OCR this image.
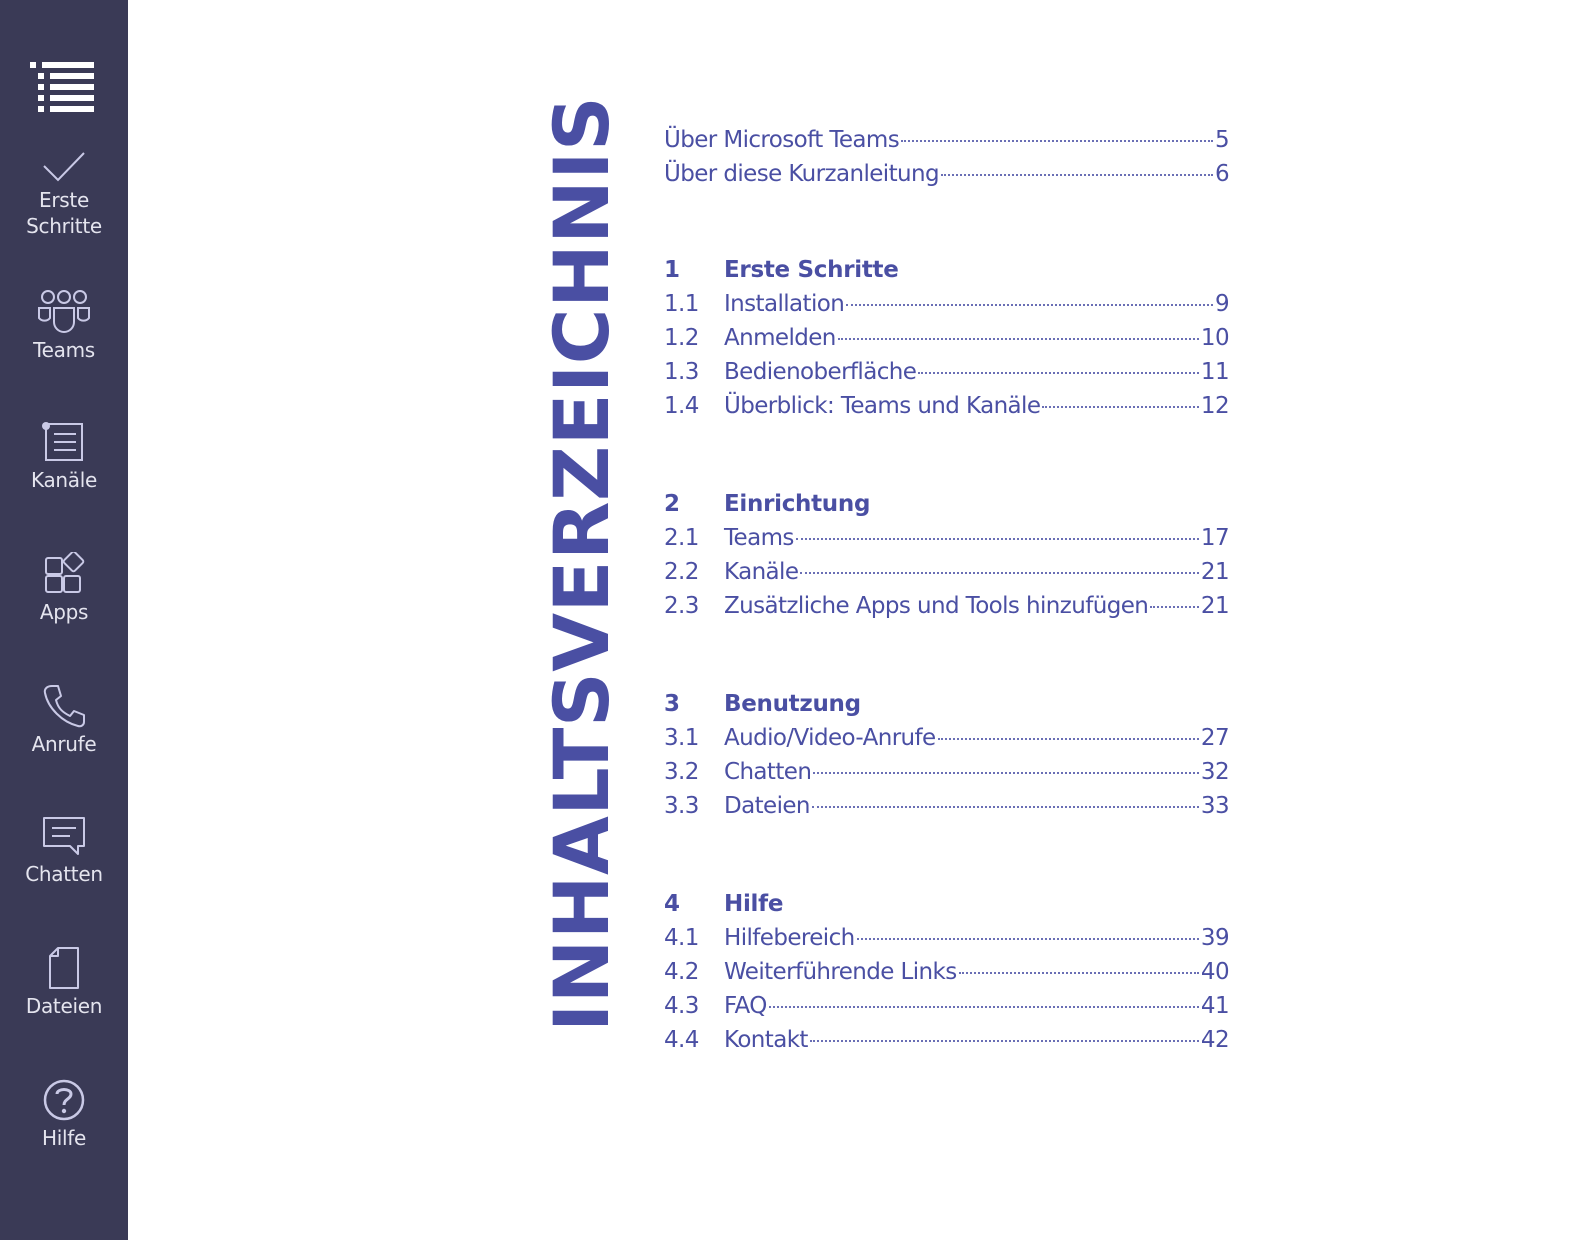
Erste
Schritte
Teams
Kanäle
Apps
Anrufe
Chatten
Dateien
Hilfe
INHALTSVERZEICHNIS Über Microsoft Teams	5
Über diese Kurzanleitung	6
1	Erste Schritte
1.1	Installation	9
1.2	Anmelden	10
1.3	Bedienoberfläche	11
1.4	Überblick: Teams und Kanäle	12
2	Einrichtung
2.1	Teams	17
2.2	Kanäle	21
2.3	Zusätzliche Apps und Tools hinzufügen 21
3	Benutzung
3.1	Audio/Video-Anrufe	27
3.2	Chatten	32
3.3	Dateien	33
4	Hilfe
4.1	Hilfebereich	39
4.2	Weiterführende Links	40
4.3	FAQ	41
4.4	Kontakt	42
